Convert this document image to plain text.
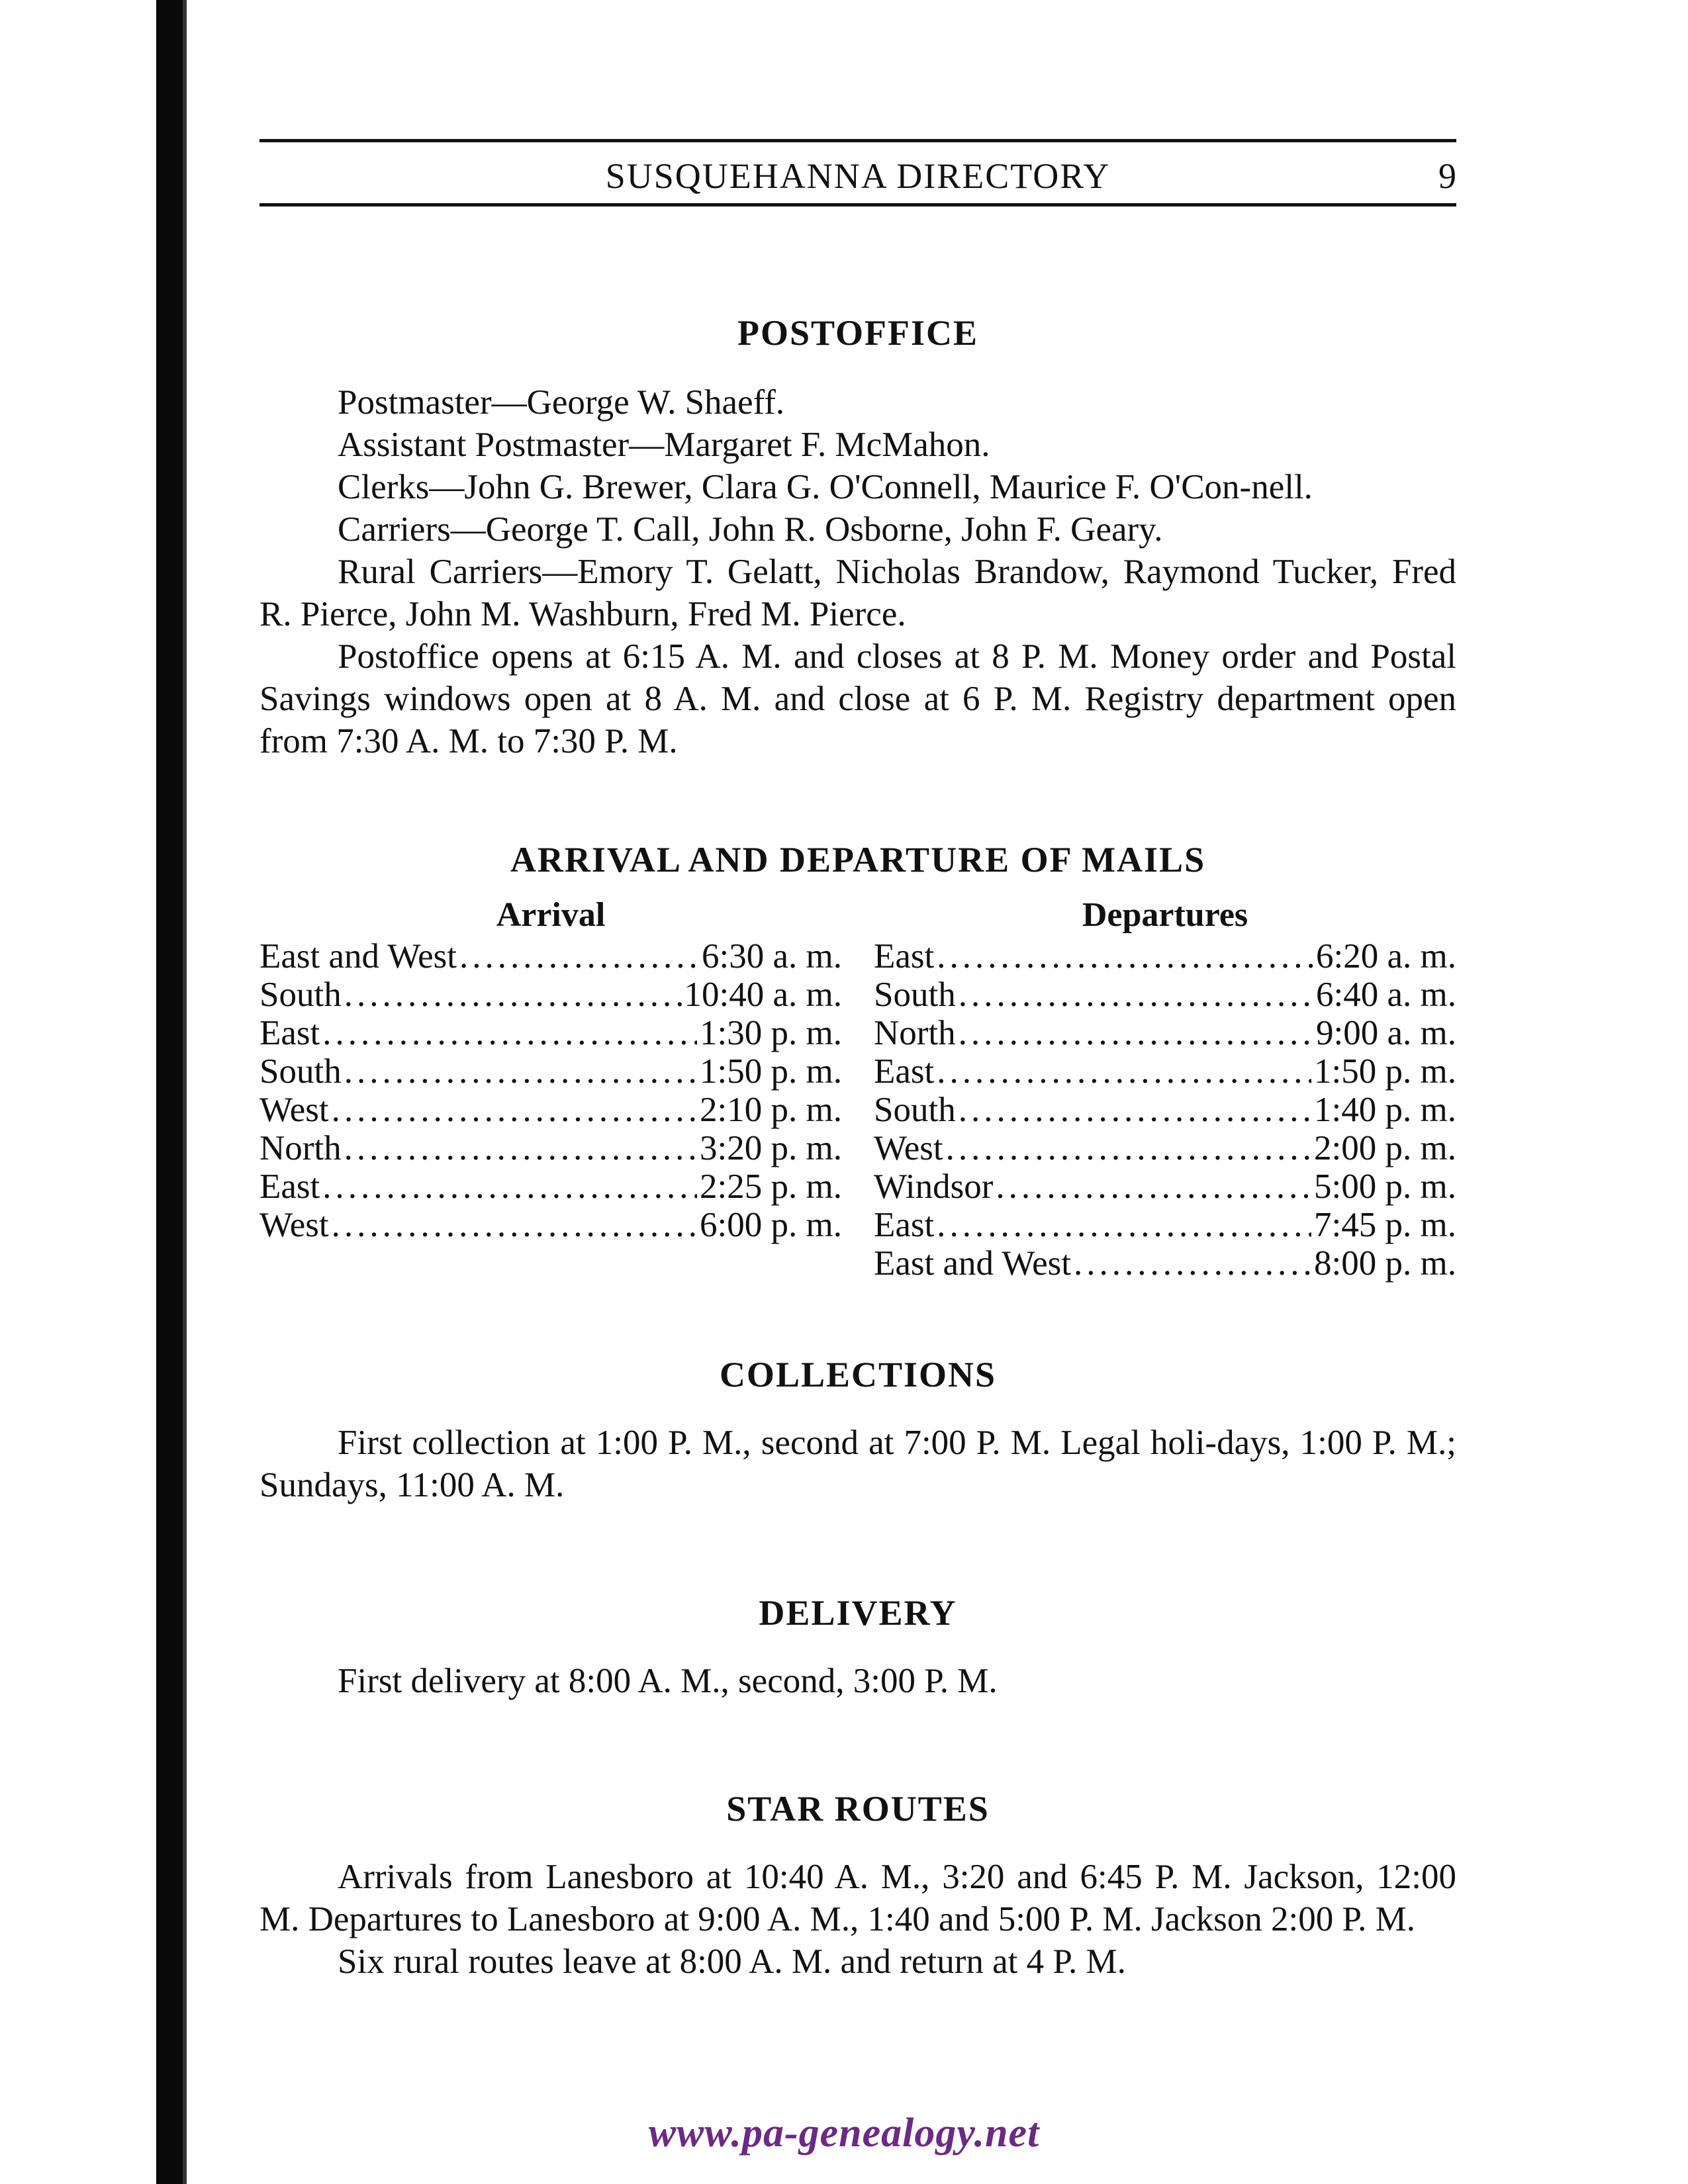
SUSQUEHANNA DIRECTORY	9
POSTOFFICE

Postmaster—George W. Shaeff.

Assistant Postmaster—Margaret F. McMahon.

Clerks—John G. Brewer, Clara G. O'Connell, Maurice F. O'Con-nell.

Carriers—George T. Call, John R. Osborne, John F. Geary.

Rural Carriers—Emory T. Gelatt, Nicholas Brandow, Raymond Tucker, Fred R. Pierce, John M. Washburn, Fred M. Pierce.

Postoffice opens at 6:15 A. M. and closes at 8 P. M. Money order and Postal Savings windows open at 8 A. M. and close at 6 P. M. Registry department open from 7:30 A. M. to 7:30 P. M.

ARRIVAL AND DEPARTURE OF MAILS
Arrival
East and West .....	6:30 a. m.
South .....	10:40 a. m.
East .....	1:30 p. m.
South .....	1:50 p. m.
West .....	2:10 p. m.
North .....	3:20 p. m.
East .....	2:25 p. m.
West .....	6:00 p. m.
Departures
East .....	6:20 a. m.
South .....	6:40 a. m.
North .....	9:00 a. m.
East .....	1:50 p. m.
South .....	1:40 p. m.
West .....	2:00 p. m.
Windsor .....	5:00 p. m.
East .....	7:45 p. m.
East and West .....	8:00 p. m.
COLLECTIONS

First collection at 1:00 P. M., second at 7:00 P. M. Legal holi-days, 1:00 P. M.; Sundays, 11:00 A. M.

DELIVERY

First delivery at 8:00 A. M., second, 3:00 P. M.

STAR ROUTES

Arrivals from Lanesboro at 10:40 A. M., 3:20 and 6:45 P. M. Jackson, 12:00 M. Departures to Lanesboro at 9:00 A. M., 1:40 and 5:00 P. M. Jackson 2:00 P. M.

Six rural routes leave at 8:00 A. M. and return at 4 P. M.

www.pa-genealogy.net
